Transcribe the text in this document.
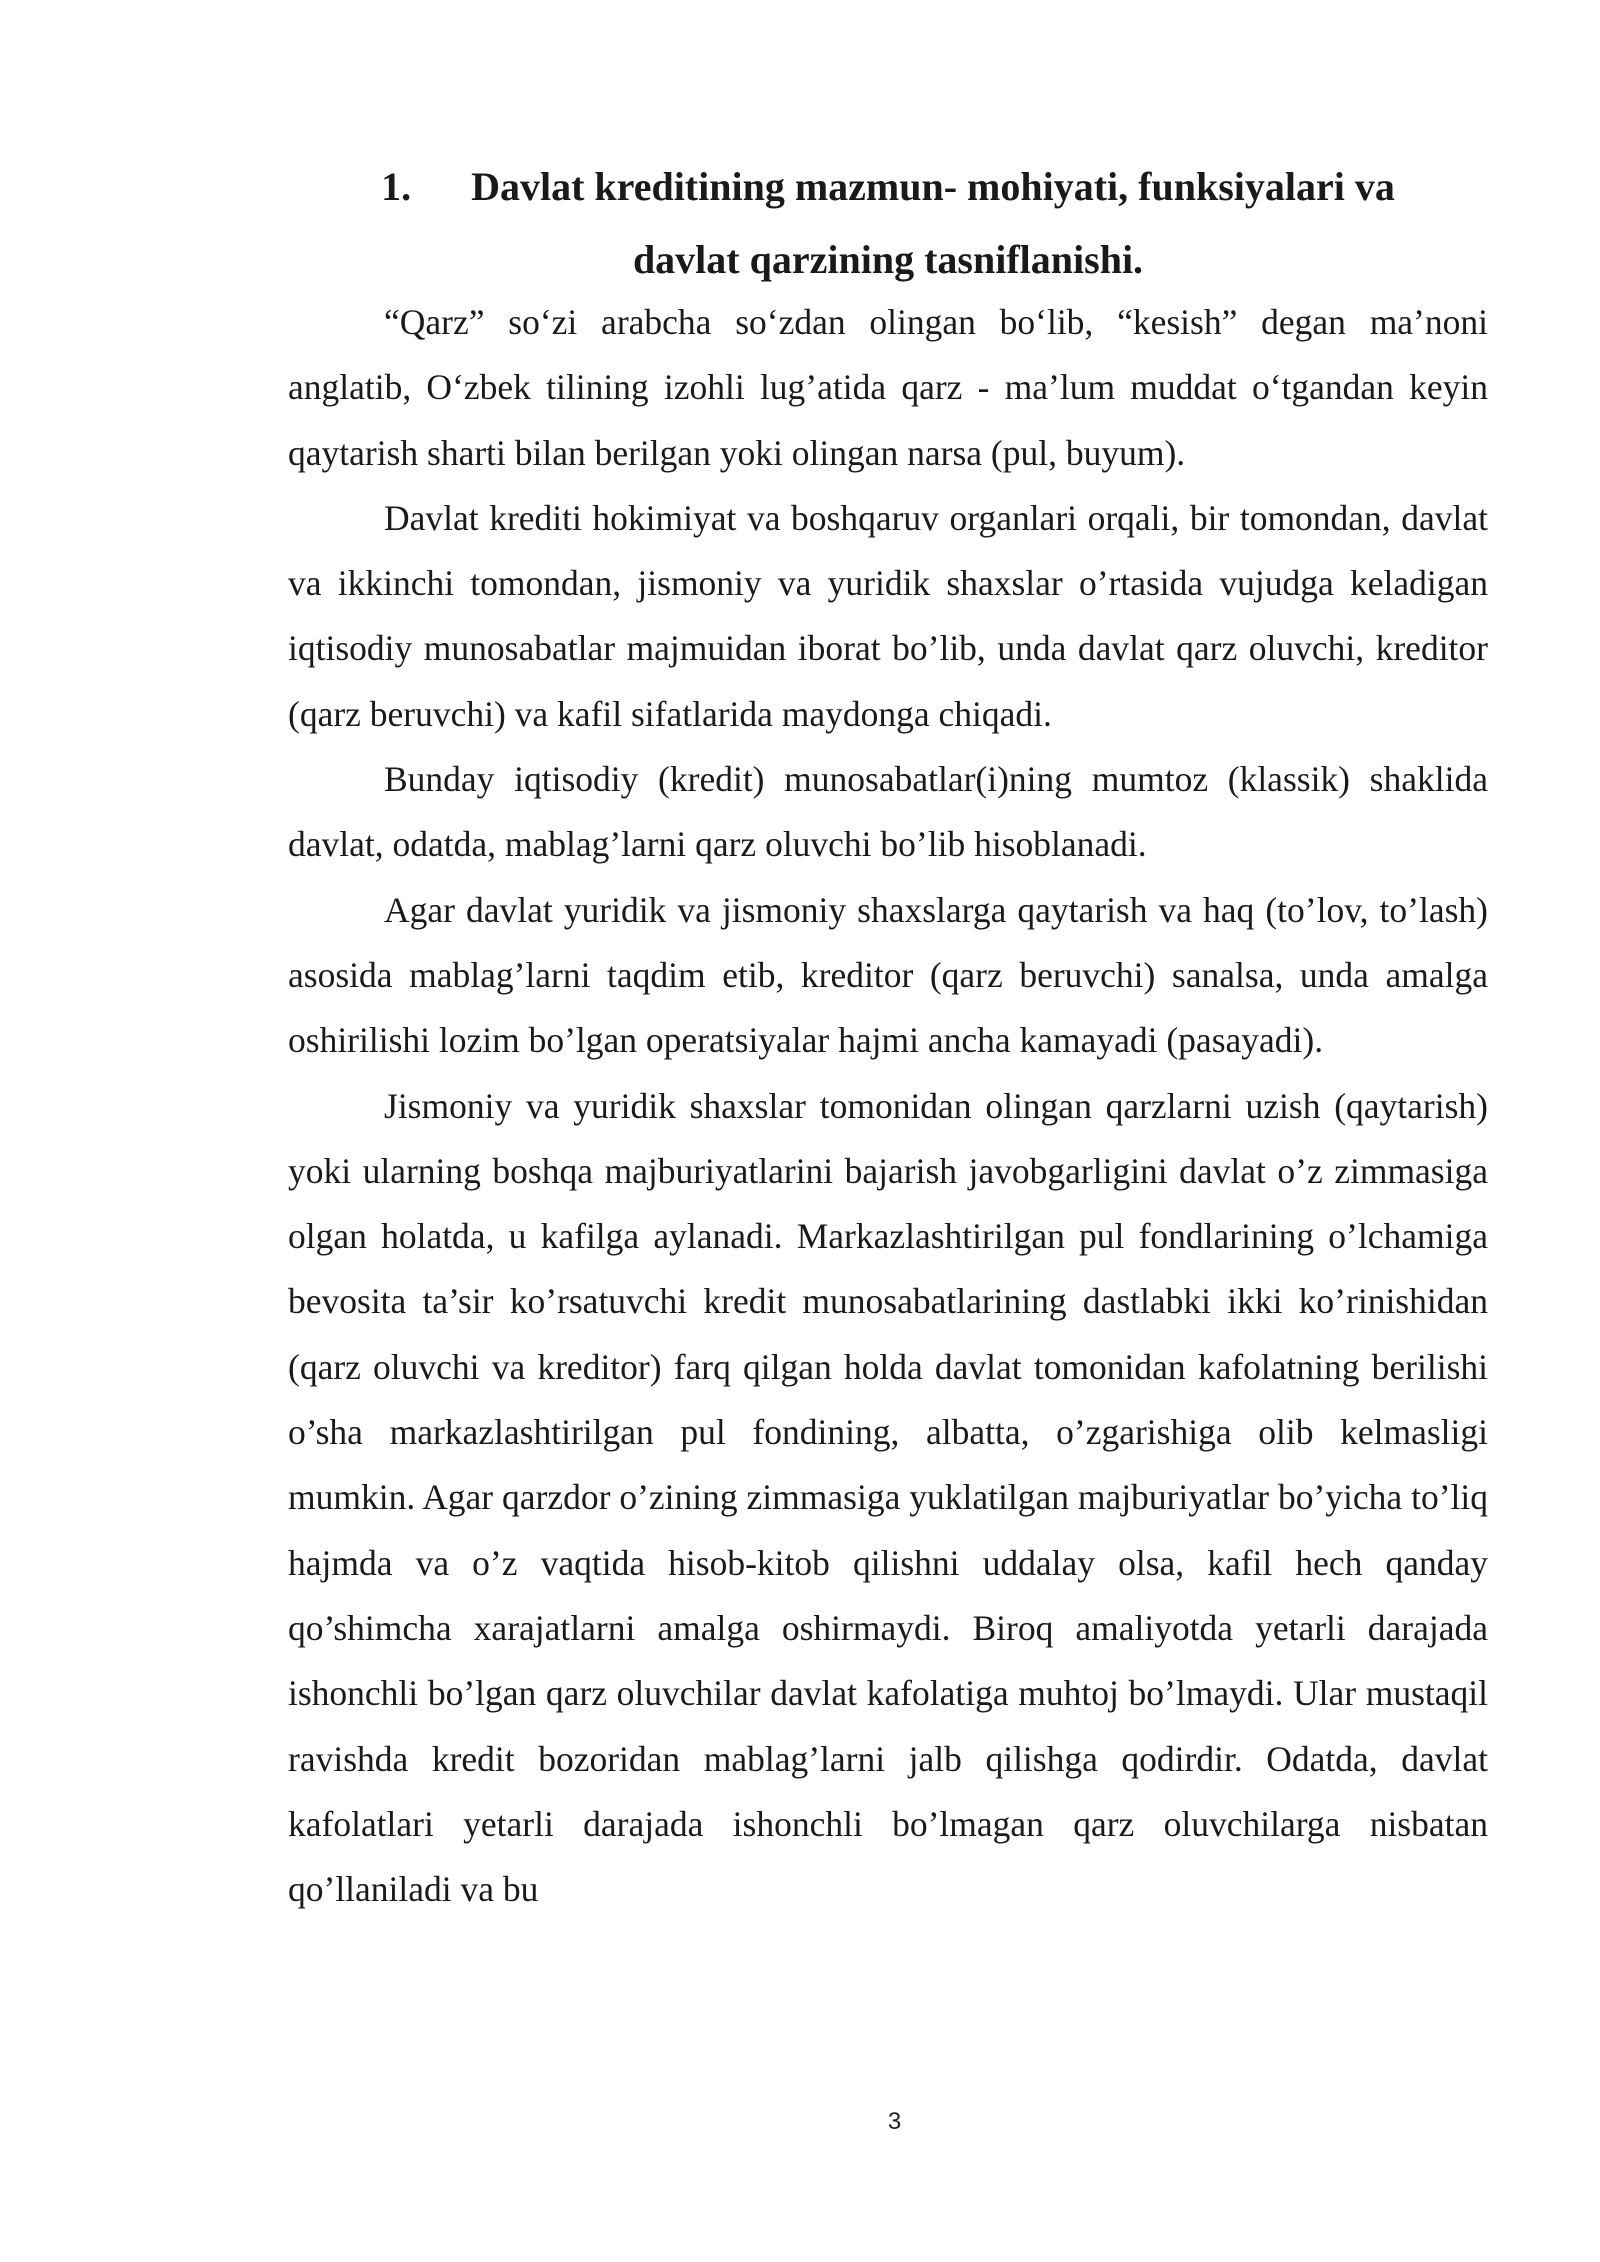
1. Davlat kreditining mazmun- mohiyati, funksiyalari va
davlat qarzining tasniflanishi.

“Qarz” so‘zi arabcha so‘zdan olingan bo‘lib, “kesish” degan ma’noni anglatib, O‘zbek tilining izohli lug’atida qarz - ma’lum muddat o‘tgandan keyin qaytarish sharti bilan berilgan yoki olingan narsa (pul, buyum).

Davlat krediti hokimiyat va boshqaruv organlari orqali, bir tomondan, davlat va ikkinchi tomondan, jismoniy va yuridik shaxslar o’rtasida vujudga keladigan iqtisodiy munosabatlar majmuidan iborat bo’lib, unda davlat qarz oluvchi, kreditor (qarz beruvchi) va kafil sifatlarida maydonga chiqadi.

Bunday iqtisodiy (kredit) munosabatlar(i)ning mumtoz (klassik) shaklida davlat, odatda, mablag’larni qarz oluvchi bo’lib hisoblanadi.

Agar davlat yuridik va jismoniy shaxslarga qaytarish va haq (to’lov, to’lash) asosida mablag’larni taqdim etib, kreditor (qarz beruvchi) sanalsa, unda amalga oshirilishi lozim bo’lgan operatsiyalar hajmi ancha kamayadi (pasayadi).

Jismoniy va yuridik shaxslar tomonidan olingan qarzlarni uzish (qaytarish) yoki ularning boshqa majburiyatlarini bajarish javobgarligini davlat o’z zimmasiga olgan holatda, u kafilga aylanadi. Markazlashtirilgan pul fondlarining o’lchamiga bevosita ta’sir ko’rsatuvchi kredit munosabatlarining dastlabki ikki ko’rinishidan (qarz oluvchi va kreditor) farq qilgan holda davlat tomonidan kafolatning berilishi o’sha markazlashtirilgan pul fondining, albatta, o’zgarishiga olib kelmasligi mumkin. Agar qarzdor o’zining zimmasiga yuklatilgan majburiyatlar bo’yicha to’liq hajmda va o’z vaqtida hisob-kitob qilishni uddalay olsa, kafil hech qanday qo’shimcha xarajatlarni amalga oshirmaydi. Biroq amaliyotda yetarli darajada ishonchli bo’lgan qarz oluvchilar davlat kafolatiga muhtoj bo’lmaydi. Ular mustaqil ravishda kredit bozoridan mablag’larni jalb qilishga qodirdir. Odatda, davlat kafolatlari yetarli darajada ishonchli bo’lmagan qarz oluvchilarga nisbatan qo’llaniladi va bu

3
